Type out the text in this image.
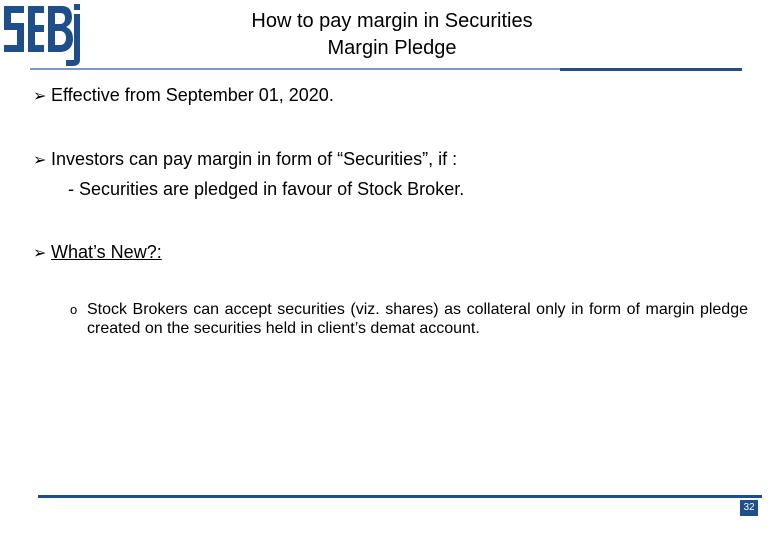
How to pay margin in Securities
Margin Pledge
➢ Effective from September 01, 2020.
➢ Investors can pay margin in form of “Securities”, if :
- Securities are pledged in favour of Stock Broker.
➢ What’s New?:
o Stock Brokers can accept securities (viz. shares) as collateral only in form of margin pledge created on the securities held in client’s demat account.
32
